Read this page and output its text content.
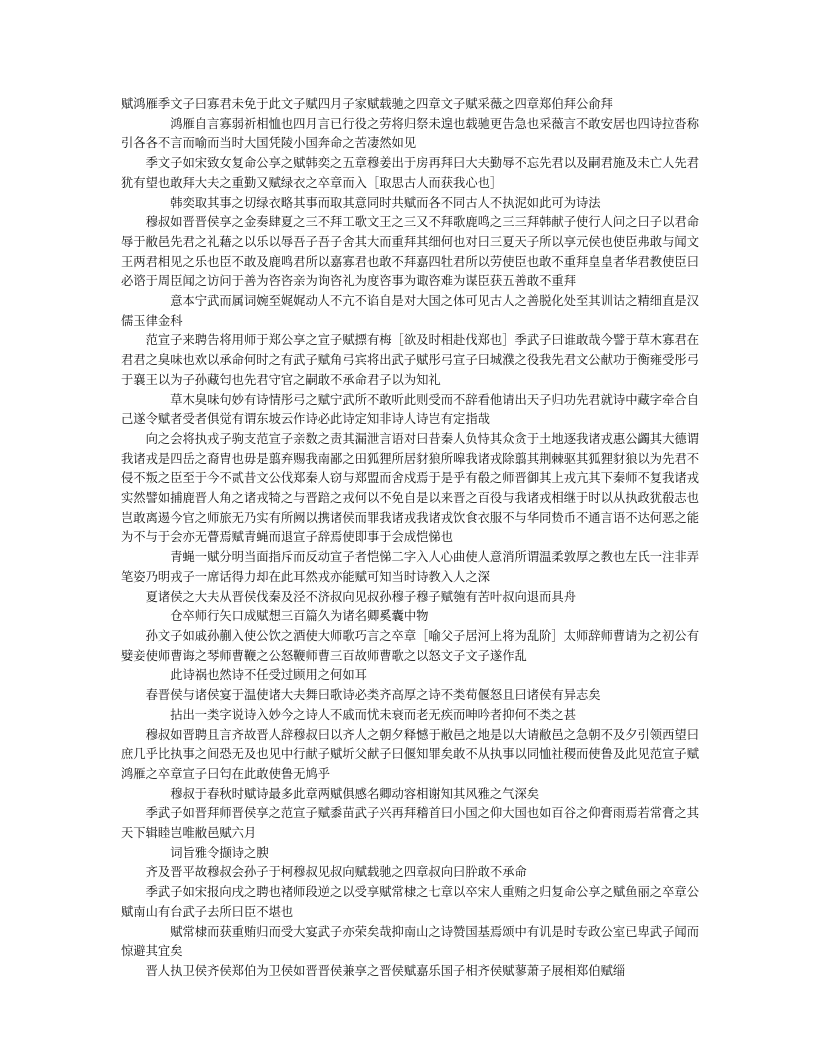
赋鸿雁季文子曰寡君未免于此文子赋四月子家赋载驰之四章文子赋采薇之四章郑伯拜公俞拜

鸿雁自言寡弱祈相恤也四月言已行役之劳将归祭未遑也载驰更告急也采薇言不敢安居也四诗拉沓称引各各不言而喻而当时大国凭陵小国奔命之苦凄然如见

季文子如宋致女复命公享之赋韩奕之五章穆姜出于房再拜曰大夫勤辱不忘先君以及嗣君施及未亡人先君犹有望也敢拜大夫之重勤又赋绿衣之卒章而入［取思古人而获我心也］

韩奕取其事之切绿衣略其事而取其意同时共赋而各不同古人不执泥如此可为诗法

穆叔如晋晋侯享之金奏肆夏之三不拜工歌文王之三又不拜歌鹿鸣之三三拜韩献子使行人问之曰子以君命辱于敝邑先君之礼藉之以乐以辱吾子吾子舍其大而重拜其细何也对曰三夏天子所以享元侯也使臣弗敢与闻文王两君相见之乐也臣不敢及鹿鸣君所以嘉寡君也敢不拜嘉四牡君所以劳使臣也敢不重拜皇皇者华君教使臣曰必谘于周臣闻之访问于善为咨咨亲为询咨礼为度咨事为诹咨难为谋臣获五善敢不重拜

意本宁武而属词婉至娓娓动人不亢不谄自是对大国之体可见古人之善脱化处至其训诂之精细直是汉儒玉律金科

范宣子来聘告将用师于郑公享之宣子赋摽有梅［欲及时相赴伐郑也］季武子曰谁敢哉今譬于草木寡君在君君之臭味也欢以承命何时之有武子赋角弓宾将出武子赋彤弓宣子曰城濮之役我先君文公献功于衡雍受彤弓于襄王以为子孙藏匄也先君守官之嗣敢不承命君子以为知礼

草木臭味句妙有诗情彤弓之赋宁武所不敢听此则受而不辞看他请出天子归功先君就诗中藏字牵合自己遂令赋者受者俱觉有谓东坡云作诗必此诗定知非诗人诗岂有定指哉

向之会将执戎子驹支范宣子亲数之责其漏泄言语对曰昔秦人负恃其众贪于土地逐我诸戎惠公蠲其大德谓我诸戎是四岳之裔胄也毋是翦弃赐我南鄙之田狐狸所居豺狼所嗥我诸戎除翦其荆棘驱其狐狸豺狼以为先君不侵不叛之臣至于今不贰昔文公伐郑秦人窃与郑盟而舍戍焉于是乎有殽之师晋御其上戎亢其下秦师不复我诸戎实然譬如捕鹿晋人角之诸戎犄之与晋踣之戎何以不免自是以来晋之百役与我诸戎相继于时以从执政犹殽志也岂敢离逷今官之师旅无乃实有所阙以携诸侯而罪我诸戎我诸戎饮食衣服不与华同贽币不通言语不达何恶之能为不与于会亦无瞢焉赋青蝇而退宣子辞焉使即事于会成恺悌也

青蝇一赋分明当面指斥而反动宣子者恺悌二字入人心曲使人意消所谓温柔敦厚之教也左氏一注非弄笔姿乃明戎子一席话得力却在此耳然戎亦能赋可知当时诗教入人之深

夏诸侯之大夫从晋侯伐秦及泾不济叔向见叔孙穆子穆子赋匏有苦叶叔向退而具舟

仓卒师行矢口成赋想三百篇久为诸名卿奚囊中物

孙文子如戚孙蒯入使公饮之酒使大师歌巧言之卒章［喻父子居河上将为乱阶］太师辞师曹请为之初公有嬖妾使师曹诲之琴师曹鞭之公怒鞭师曹三百故师曹歌之以怒文子文子遂作乱

此诗祸也然诗不任受过顾用之何如耳

春晋侯与诸侯宴于温使诸大夫舞曰歌诗必类齐高厚之诗不类荀偃怒且曰诸侯有异志矣

拈出一类字说诗入妙今之诗人不戚而忧未衰而老无疾而呻吟者抑何不类之甚

穆叔如晋聘且言齐故晋人辞穆叔曰以齐人之朝夕释憾于敝邑之地是以大请敝邑之急朝不及夕引领西望曰庶几乎比执事之间恐无及也见中行献子赋圻父献子曰偃知罪矣敢不从执事以同恤社稷而使鲁及此见范宣子赋鸿雁之卒章宣子曰匄在此敢使鲁无鸠乎

穆叔于春秋时赋诗最多此章两赋俱感名卿动容相谢知其风雅之气深矣

季武子如晋拜师晋侯享之范宣子赋黍苗武子兴再拜稽首曰小国之仰大国也如百谷之仰膏雨焉若常膏之其天下辑睦岂唯敝邑赋六月

词旨雅令撷诗之腴

齐及晋平故穆叔会孙子于柯穆叔见叔向赋载驰之四章叔向曰肸敢不承命

季武子如宋报向戌之聘也褚师段逆之以受享赋常棣之七章以卒宋人重贿之归复命公享之赋鱼丽之卒章公赋南山有台武子去所曰臣不堪也

赋常棣而获重贿归而受大宴武子亦荣矣哉抑南山之诗赞国基焉颂中有讥是时专政公室已卑武子闻而惊避其宜矣

晋人执卫侯齐侯郑伯为卫侯如晋晋侯兼享之晋侯赋嘉乐国子相齐侯赋蓼萧子展相郑伯赋缁
